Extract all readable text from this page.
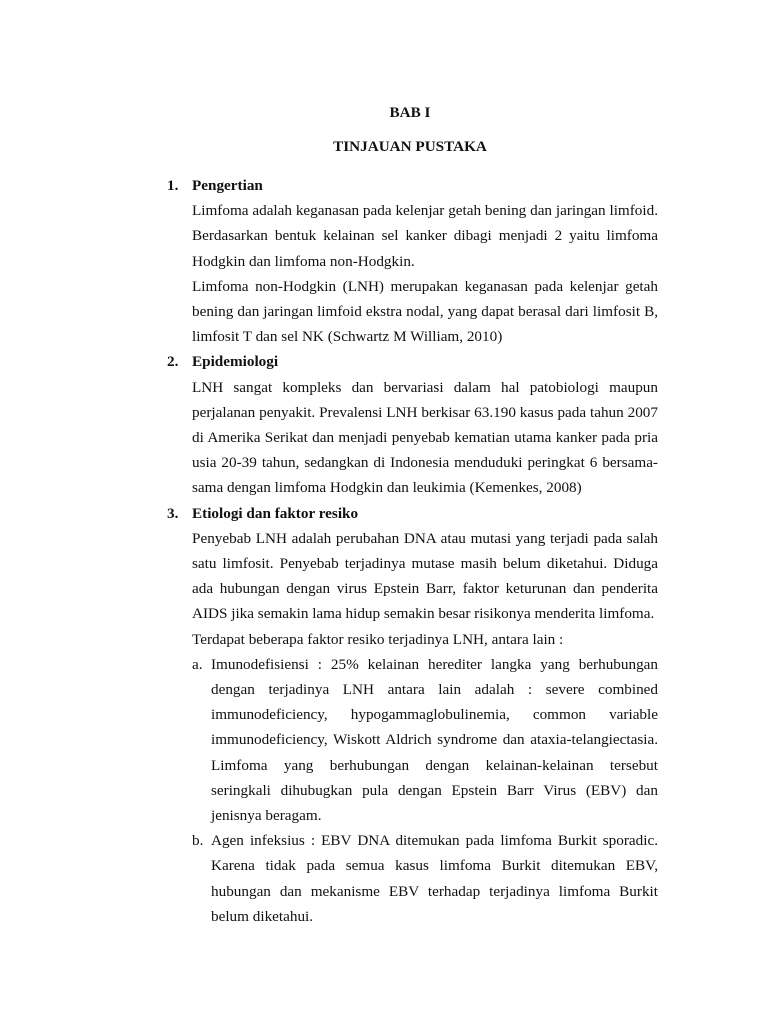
BAB I
TINJAUAN PUSTAKA
1. Pengertian

Limfoma adalah keganasan pada kelenjar getah bening dan jaringan limfoid. Berdasarkan bentuk kelainan sel kanker dibagi menjadi 2 yaitu limfoma Hodgkin dan limfoma non-Hodgkin.

Limfoma non-Hodgkin (LNH) merupakan keganasan pada kelenjar getah bening dan jaringan limfoid ekstra nodal, yang dapat berasal dari limfosit B, limfosit T dan sel NK (Schwartz M William, 2010)

2. Epidemiologi

LNH sangat kompleks dan bervariasi dalam hal patobiologi maupun perjalanan penyakit. Prevalensi LNH berkisar 63.190 kasus pada tahun 2007 di Amerika Serikat dan menjadi penyebab kematian utama kanker pada pria usia 20-39 tahun, sedangkan di Indonesia menduduki peringkat 6 bersama-sama dengan limfoma Hodgkin dan leukimia (Kemenkes, 2008)

3. Etiologi dan faktor resiko

Penyebab LNH adalah perubahan DNA atau mutasi yang terjadi pada salah satu limfosit. Penyebab terjadinya mutase masih belum diketahui. Diduga ada hubungan dengan virus Epstein Barr, faktor keturunan dan penderita AIDS jika semakin lama hidup semakin besar risikonya menderita limfoma.

Terdapat beberapa faktor resiko terjadinya LNH, antara lain :

a. Imunodefisiensi : 25% kelainan herediter langka yang berhubungan dengan terjadinya LNH antara lain adalah : severe combined immunodeficiency, hypogammaglobulinemia, common variable immunodeficiency, Wiskott Aldrich syndrome dan ataxia-telangiectasia. Limfoma yang berhubungan dengan kelainan-kelainan tersebut seringkali dihubugkan pula dengan Epstein Barr Virus (EBV) dan jenisnya beragam.

b. Agen infeksius : EBV DNA ditemukan pada limfoma Burkit sporadic. Karena tidak pada semua kasus limfoma Burkit ditemukan EBV, hubungan dan mekanisme EBV terhadap terjadinya limfoma Burkit belum diketahui.
